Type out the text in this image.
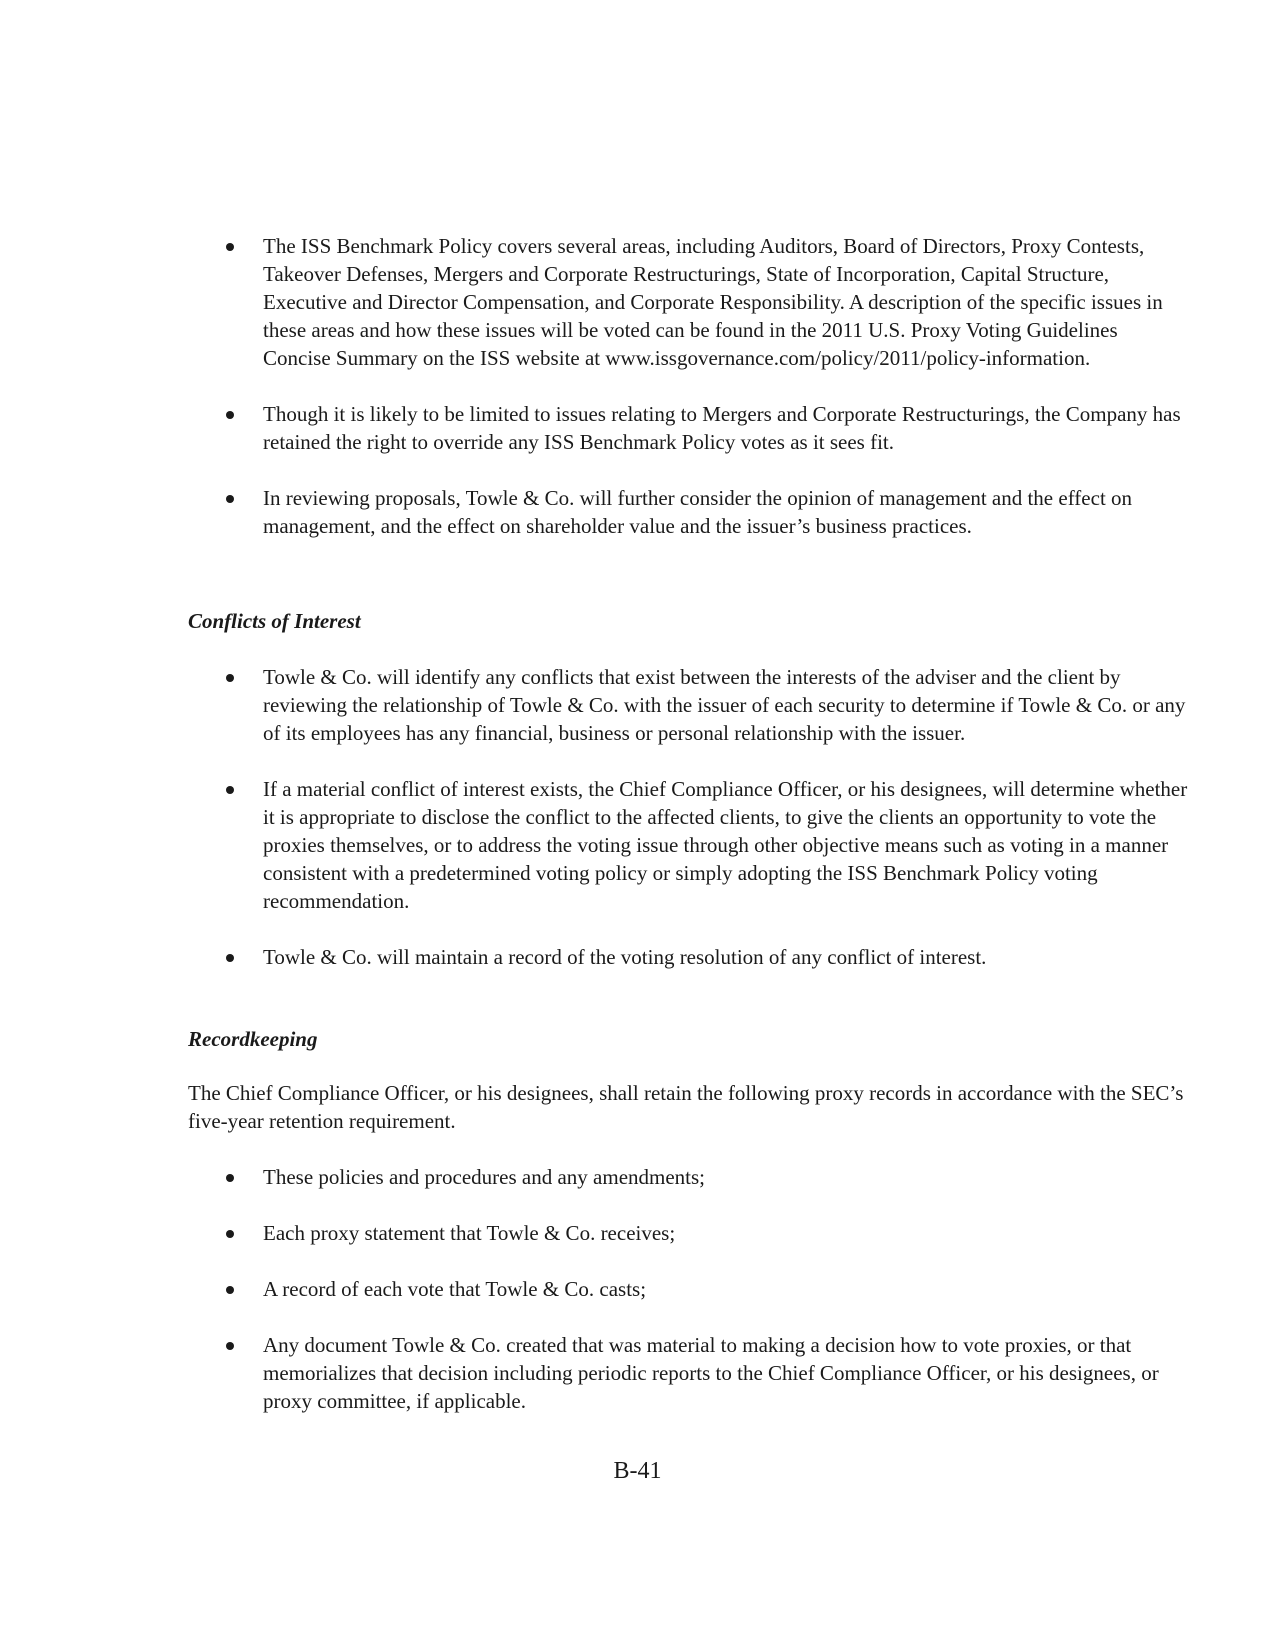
The ISS Benchmark Policy covers several areas, including Auditors, Board of Directors, Proxy Contests, Takeover Defenses, Mergers and Corporate Restructurings, State of Incorporation, Capital Structure, Executive and Director Compensation, and Corporate Responsibility. A description of the specific issues in these areas and how these issues will be voted can be found in the 2011 U.S. Proxy Voting Guidelines Concise Summary on the ISS website at www.issgovernance.com/policy/2011/policy-information.
Though it is likely to be limited to issues relating to Mergers and Corporate Restructurings, the Company has retained the right to override any ISS Benchmark Policy votes as it sees fit.
In reviewing proposals, Towle & Co. will further consider the opinion of management and the effect on management, and the effect on shareholder value and the issuer’s business practices.
Conflicts of Interest
Towle & Co. will identify any conflicts that exist between the interests of the adviser and the client by reviewing the relationship of Towle & Co. with the issuer of each security to determine if Towle & Co. or any of its employees has any financial, business or personal relationship with the issuer.
If a material conflict of interest exists, the Chief Compliance Officer, or his designees, will determine whether it is appropriate to disclose the conflict to the affected clients, to give the clients an opportunity to vote the proxies themselves, or to address the voting issue through other objective means such as voting in a manner consistent with a predetermined voting policy or simply adopting the ISS Benchmark Policy voting recommendation.
Towle & Co. will maintain a record of the voting resolution of any conflict of interest.
Recordkeeping

The Chief Compliance Officer, or his designees, shall retain the following proxy records in accordance with the SEC’s five-year retention requirement.

These policies and procedures and any amendments;
Each proxy statement that Towle & Co. receives;
A record of each vote that Towle & Co. casts;
Any document Towle & Co. created that was material to making a decision how to vote proxies, or that memorializes that decision including periodic reports to the Chief Compliance Officer, or his designees, or proxy committee, if applicable.
B-41
